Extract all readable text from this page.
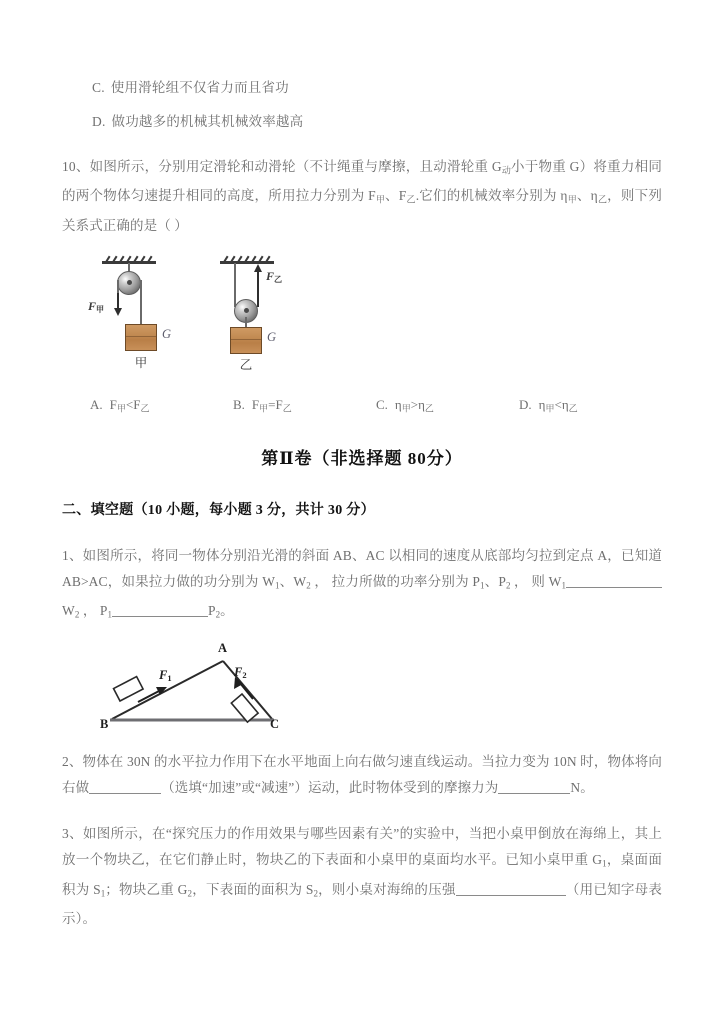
C. 使用滑轮组不仅省力而且省功
D. 做功越多的机械其机械效率越高
10、如图所示，分别用定滑轮和动滑轮（不计绳重与摩擦，且动滑轮重 $G_动$小于物重 G）将重力相同的两个物体匀速提升相同的高度，所用拉力分别为 $F_甲$、$F_乙$.它们的机械效率分别为 $\eta_甲$、$\eta_乙$，则下列关系式正确的是（ ）
$F_甲$
G
甲
$F_乙$
G
乙
A. $F_甲<F_乙$	B. $F_甲=F_乙$	C. $\eta_甲>\eta_乙$	D. $\eta_甲<\eta_乙$
第Ⅱ卷（非选择题 80分）
二、填空题（10 小题，每小题 3 分，共计 30 分）
1、如图所示，将同一物体分别沿光滑的斜面 AB、AC 以相同的速度从底部均匀拉到定点 A，已知道 AB>AC，如果拉力做的功分别为 $W_1$、$W_2$ ， 拉力所做的功率分别为 $P_1$、$P_2$ ， 则 $W_1W_2$ ， $P_1$	$P_2$。
A
B	C
$F_1$	$F_2$
2、物体在 30N 的水平拉力作用下在水平地面上向右做匀速直线运动。当拉力变为 10N 时，物体将向右做	（选填“加速”或“减速”）运动，此时物体受到的摩擦力为	N。
3、如图所示，在“探究压力的作用效果与哪些因素有关”的实验中，当把小桌甲倒放在海绵上，其上放一个物块乙，在它们静止时，物块乙的下表面和小桌甲的桌面均水平。已知小桌甲重 $G_1$，桌面面积为 $S_1$；物块乙重 $G_2$，下表面的面积为 $S_2$，则小桌对海绵的压强	（用已知字母表示）。
